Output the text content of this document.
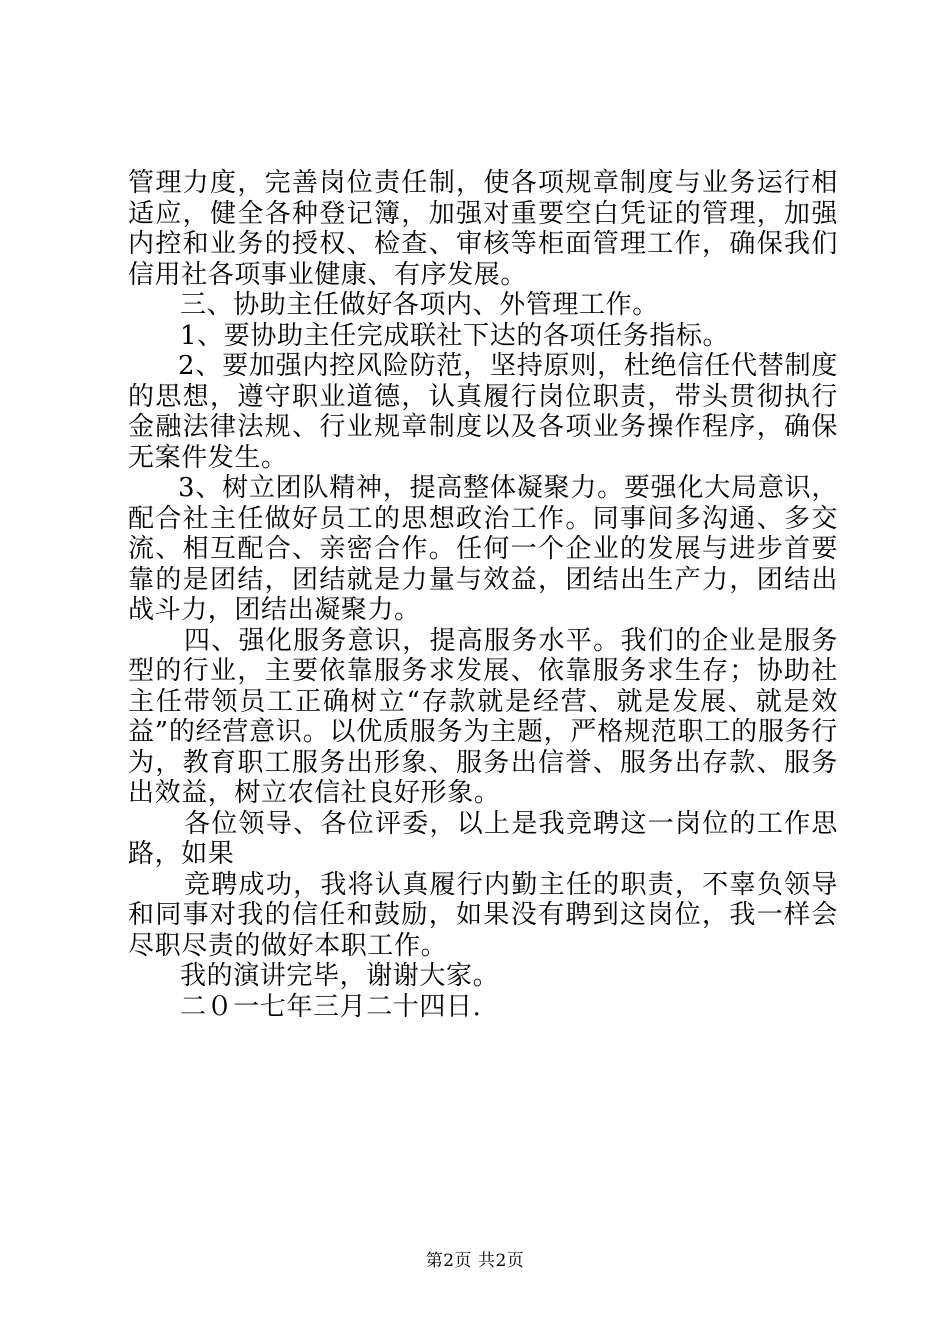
管理力度，完善岗位责任制，使各项规章制度与业务运行相适应，健全各种登记簿，加强对重要空白凭证的管理，加强内控和业务的授权、检查、审核等柜面管理工作，确保我们信用社各项事业健康、有序发展。

三、协助主任做好各项内、外管理工作。

1、要协助主任完成联社下达的各项任务指标。

2、要加强内控风险防范，坚持原则，杜绝信任代替制度的思想，遵守职业道德，认真履行岗位职责，带头贯彻执行金融法律法规、行业规章制度以及各项业务操作程序，确保无案件发生。

3、树立团队精神，提高整体凝聚力。要强化大局意识，配合社主任做好员工的思想政治工作。同事间多沟通、多交流、相互配合、亲密合作。任何一个企业的发展与进步首要靠的是团结，团结就是力量与效益，团结出生产力，团结出战斗力，团结出凝聚力。

四、强化服务意识，提高服务水平。我们的企业是服务型的行业，主要依靠服务求发展、依靠服务求生存；协助社主任带领员工正确树立“存款就是经营、就是发展、就是效益”的经营意识。以优质服务为主题，严格规范职工的服务行为，教育职工服务出形象、服务出信誉、服务出存款、服务出效益，树立农信社良好形象。

各位领导、各位评委，以上是我竞聘这一岗位的工作思路，如果

竞聘成功，我将认真履行内勤主任的职责，不辜负领导和同事对我的信任和鼓励，如果没有聘到这岗位，我一样会尽职尽责的做好本职工作。

我的演讲完毕，谢谢大家。

二０一七年三月二十四日.

第2页 共2页
